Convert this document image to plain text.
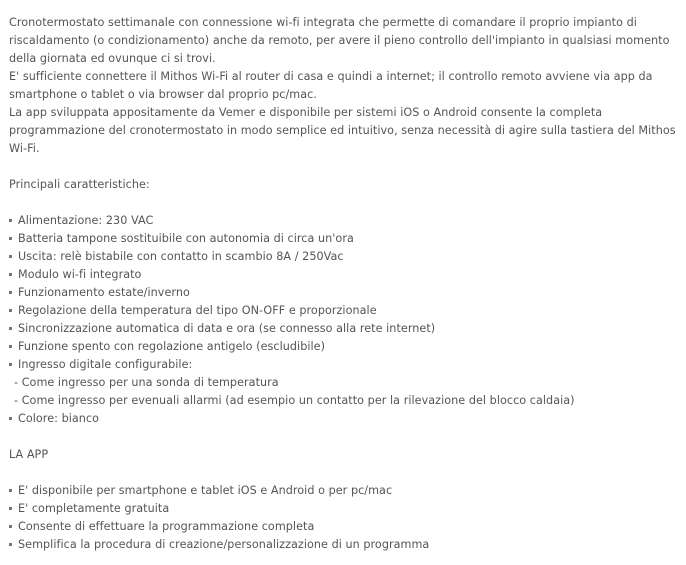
Cronotermostato settimanale con connessione wi-fi integrata che permette di comandare il proprio impianto di
riscaldamento (o condizionamento) anche da remoto, per avere il pieno controllo dell'impianto in qualsiasi momento
della giornata ed ovunque ci si trovi.
E' sufficiente connettere il Mithos Wi-Fi al router di casa e quindi a internet; il controllo remoto avviene via app da
smartphone o tablet o via browser dal proprio pc/mac.
La app sviluppata appositamente da Vemer e disponibile per sistemi iOS o Android consente la completa
programmazione del cronotermostato in modo semplice ed intuitivo, senza necessità di agire sulla tastiera del Mithos
Wi-Fi.
Principali caratteristiche:
Alimentazione: 230 VAC
Batteria tampone sostituibile con autonomia di circa un'ora
Uscita: relè bistabile con contatto in scambio 8A / 250Vac
Modulo wi-fi integrato
Funzionamento estate/inverno
Regolazione della temperatura del tipo ON-OFF e proporzionale
Sincronizzazione automatica di data e ora (se connesso alla rete internet)
Funzione spento con regolazione antigelo (escludibile)
Ingresso digitale configurabile:
- Come ingresso per una sonda di temperatura
- Come ingresso per evenuali allarmi (ad esempio un contatto per la rilevazione del blocco caldaia)
Colore: bianco
LA APP
E' disponibile per smartphone e tablet iOS e Android o per pc/mac
E' completamente gratuita
Consente di effettuare la programmazione completa
Semplifica la procedura di creazione/personalizzazione di un programma
